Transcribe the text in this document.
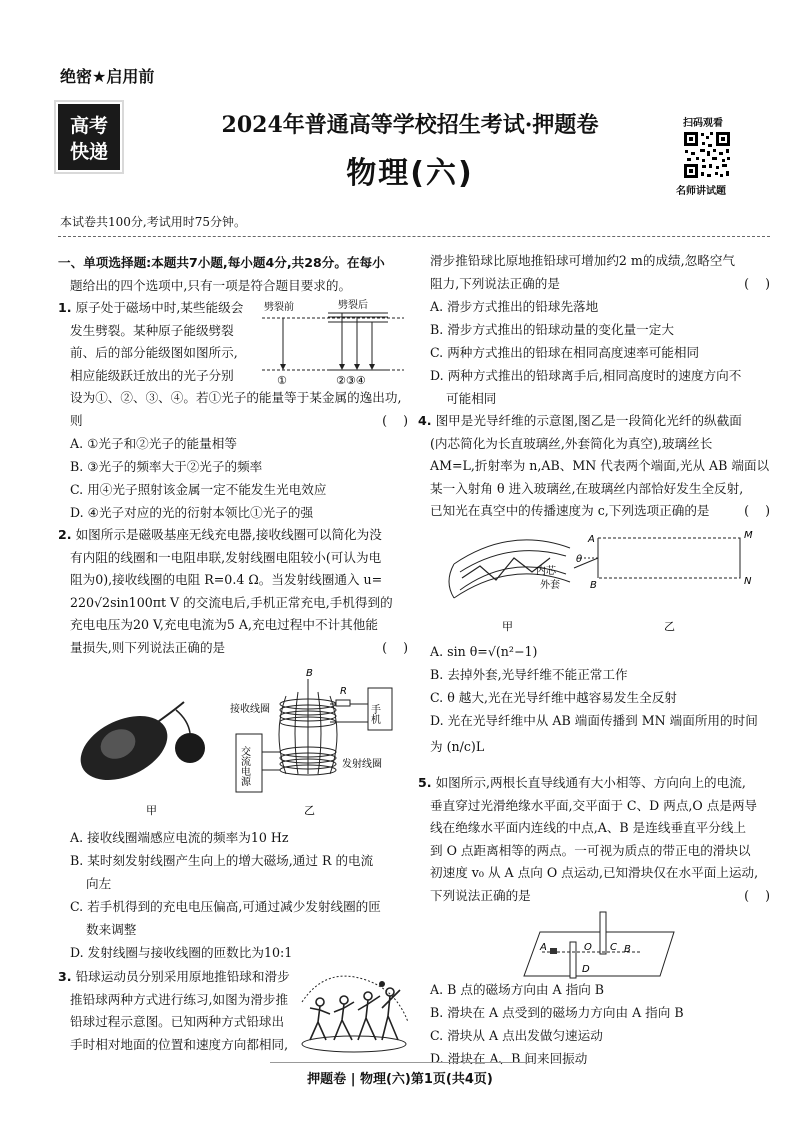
绝密★启用前
高考
快递
2024年普通高等学校招生考试·押题卷
物理(六)
扫码观看
名师讲试题
本试卷共100分,考试用时75分钟。
一、单项选择题:本题共7小题,每小题4分,共28分。在每小
题给出的四个选项中,只有一项是符合题目要求的。
1. 原子处于磁场中时,某些能级会
发生劈裂。某种原子能级劈裂
前、后的部分能级图如图所示,
相应能级跃迁放出的光子分别
设为①、②、③、④。若①光子的能量等于某金属的逸出功,
则	(    )
A. ①光子和②光子的能量相等
B. ③光子的频率大于②光子的频率
C. 用④光子照射该金属一定不能发生光电效应
D. ④光子对应的光的衍射本领比①光子的强
劈裂前	劈裂后
①	②③④
2. 如图所示是磁吸基座无线充电器,接收线圈可以简化为没
有内阻的线圈和一电阻串联,发射线圈电阻较小(可认为电
阻为0),接收线圈的电阻 R=0.4 Ω。当发射线圈通入 u=
220√2sin100πt V 的交流电后,手机正常充电,手机得到的
充电电压为20 V,充电电流为5 A,充电过程中不计其他能
量损失,则下列说法正确的是	(    )
甲
B
接收线圈
发射线圈
R
手机
交流电源
乙
A. 接收线圈端感应电流的频率为10 Hz
B. 某时刻发射线圈产生向上的增大磁场,通过 R 的电流
向左
C. 若手机得到的充电电压偏高,可通过减少发射线圈的匝
数来调整
D. 发射线圈与接收线圈的匝数比为10:1
3. 铅球运动员分别采用原地推铅球和滑步
推铅球两种方式进行练习,如图为滑步推
铅球过程示意图。已知两种方式铅球出
手时相对地面的位置和速度方向都相同,
滑步推铅球比原地推铅球可增加约2 m的成绩,忽略空气
阻力,下列说法正确的是	(    )
A. 滑步方式推出的铅球先落地
B. 滑步方式推出的铅球动量的变化量一定大
C. 两种方式推出的铅球在相同高度速率可能相同
D. 两种方式推出的铅球离手后,相同高度时的速度方向不
可能相同
4. 图甲是光导纤维的示意图,图乙是一段简化光纤的纵截面
(内芯简化为长直玻璃丝,外套简化为真空),玻璃丝长
AM=L,折射率为 n,AB、MN 代表两个端面,光从 AB 端面以
某一入射角 θ 进入玻璃丝,在玻璃丝内部恰好发生全反射,
已知光在真空中的传播速度为 c,下列选项正确的是	(    )
内芯
外套
甲
A
B
M
N
θ
乙
A. sin θ=√(n²−1)
B. 去掉外套,光导纤维不能正常工作
C. θ 越大,光在光导纤维中越容易发生全反射
D. 光在光导纤维中从 AB 端面传播到 MN 端面所用的时间
为 (n/c)L
5. 如图所示,两根长直导线通有大小相等、方向向上的电流,
垂直穿过光滑绝缘水平面,交平面于 C、D 两点,O 点是两导
线在绝缘水平面内连线的中点,A、B 是连线垂直平分线上
到 O 点距离相等的两点。一可视为质点的带正电的滑块以
初速度 v₀ 从 A 点向 O 点运动,已知滑块仅在水平面上运动,
下列说法正确的是	(    )
A	O C B
D
A. B 点的磁场方向由 A 指向 B
B. 滑块在 A 点受到的磁场力方向由 A 指向 B
C. 滑块从 A 点出发做匀速运动
D. 滑块在 A、B 间来回振动
押题卷 | 物理(六)第1页(共4页)
